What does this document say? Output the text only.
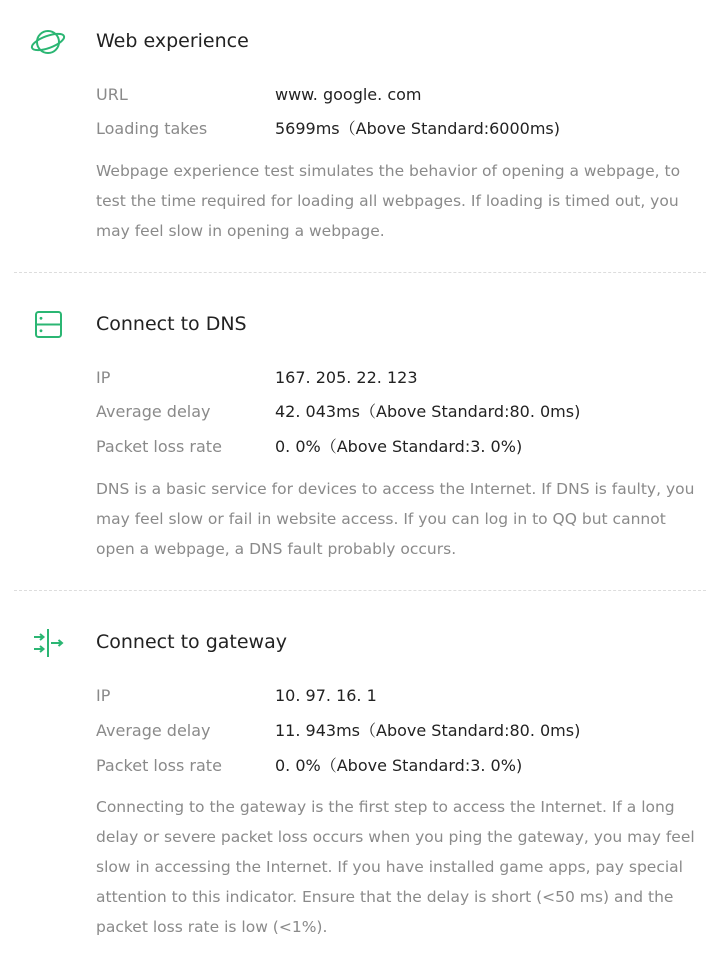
Web experience
URL	www. google. com
Loading takes	5699ms（Above Standard:6000ms)
Webpage experience test simulates the behavior of opening a webpage, to test the time required for loading all webpages. If loading is timed out, you may feel slow in opening a webpage.
Connect to DNS
IP	167. 205. 22. 123
Average delay	42. 043ms（Above Standard:80. 0ms)
Packet loss rate	0. 0%（Above Standard:3. 0%)
DNS is a basic service for devices to access the Internet. If DNS is faulty, you may feel slow or fail in website access. If you can log in to QQ but cannot open a webpage, a DNS fault probably occurs.
Connect to gateway
IP	10. 97. 16. 1
Average delay	11. 943ms（Above Standard:80. 0ms)
Packet loss rate	0. 0%（Above Standard:3. 0%)
Connecting to the gateway is the first step to access the Internet. If a long delay or severe packet loss occurs when you ping the gateway, you may feel slow in accessing the Internet. If you have installed game apps, pay special attention to this indicator. Ensure that the delay is short (<50 ms) and the packet loss rate is low (<1%).
